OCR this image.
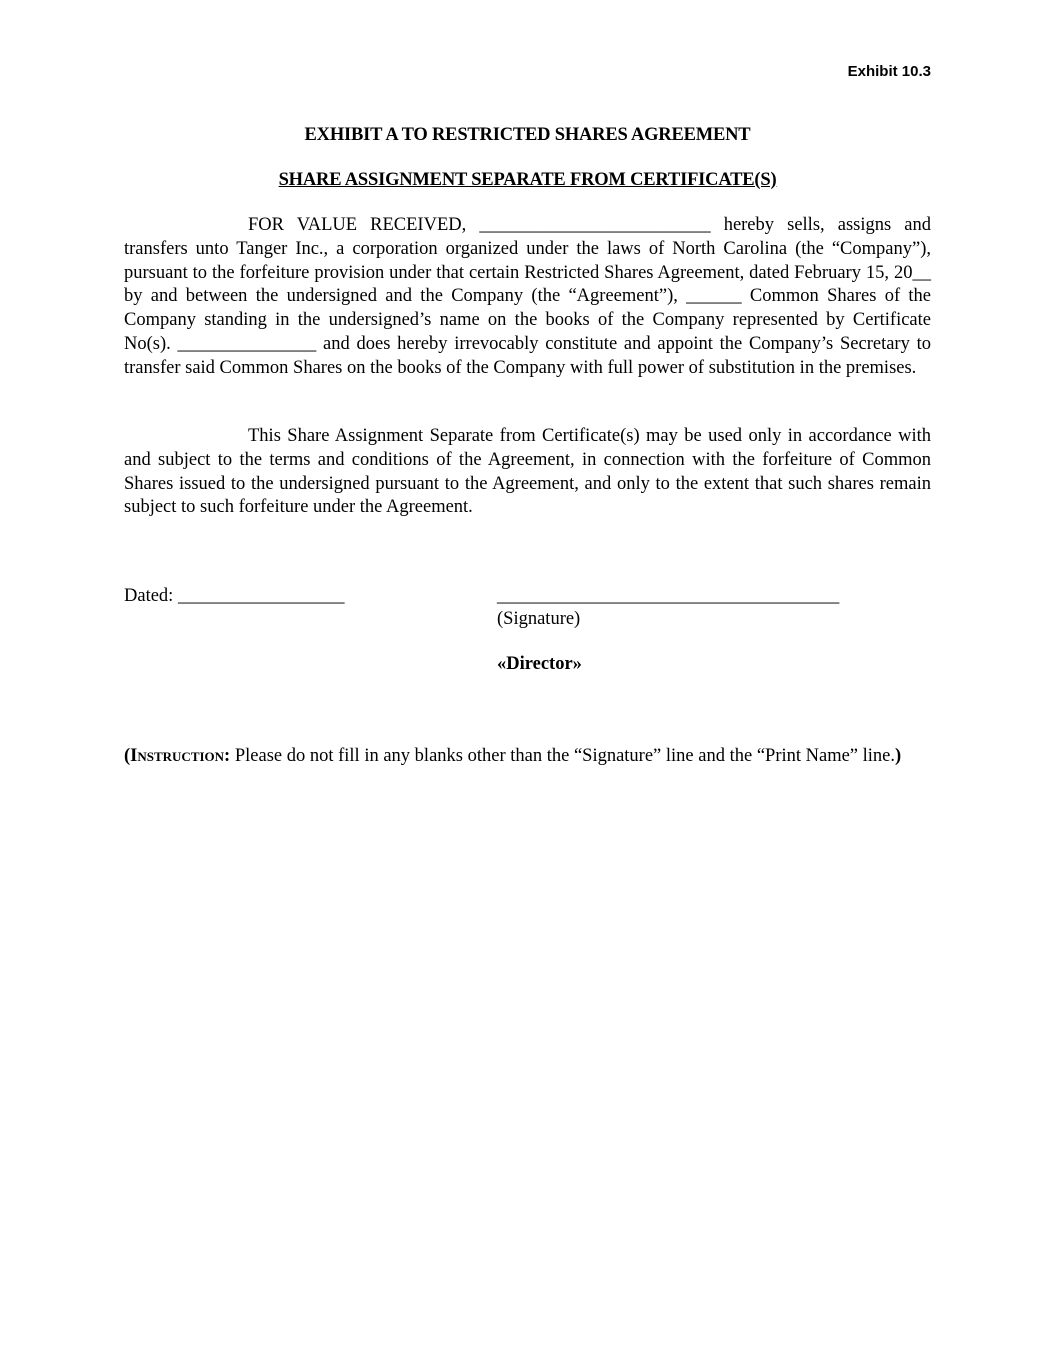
Exhibit 10.3
EXHIBIT A TO RESTRICTED SHARES AGREEMENT
SHARE ASSIGNMENT SEPARATE FROM CERTIFICATE(S)

FOR VALUE RECEIVED, _________________________ hereby sells, assigns and transfers unto Tanger Inc., a corporation organized under the laws of North Carolina (the “Company”), pursuant to the forfeiture provision under that certain Restricted Shares Agreement, dated February 15, 20__ by and between the undersigned and the Company (the “Agreement”), ______ Common Shares of the Company standing in the undersigned’s name on the books of the Company represented by Certificate No(s). _______________ and does hereby irrevocably constitute and appoint the Company’s Secretary to transfer said Common Shares on the books of the Company with full power of substitution in the premises.

This Share Assignment Separate from Certificate(s) may be used only in accordance with and subject to the terms and conditions of the Agreement, in connection with the forfeiture of Common Shares issued to the undersigned pursuant to the Agreement, and only to the extent that such shares remain subject to such forfeiture under the Agreement.

Dated: __________________	_____________________________________
(Signature)
«Director»

(Instruction: Please do not fill in any blanks other than the “Signature” line and the “Print Name” line.)
